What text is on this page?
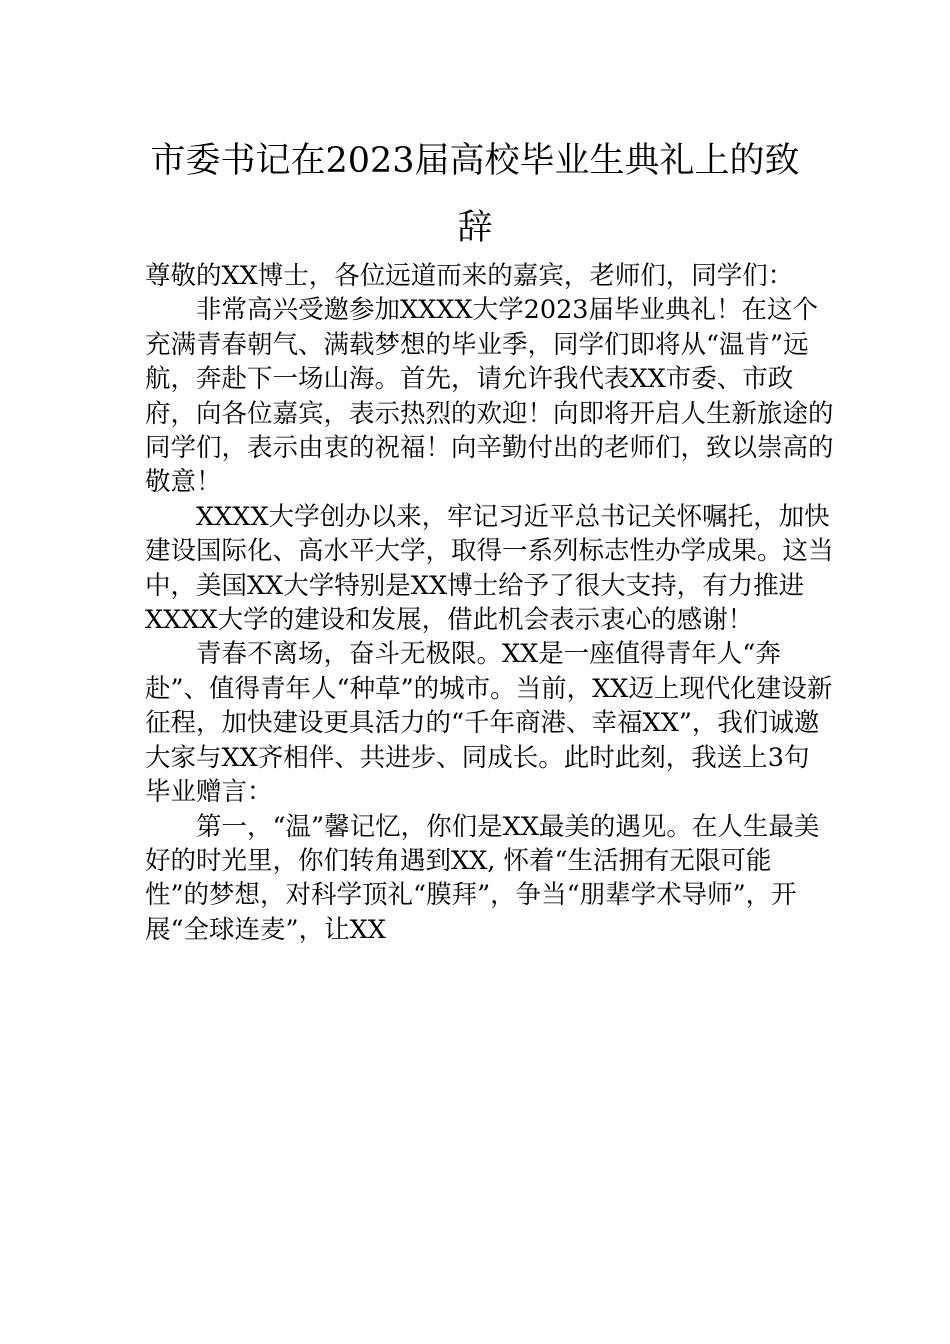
市委书记在2023届高校毕业生典礼上的致
辞

尊敬的XX博士，各位远道而来的嘉宾，老师们，同学们：

非常高兴受邀参加XXXX大学2023届毕业典礼！在这个充满青春朝气、满载梦想的毕业季，同学们即将从“温肯”远航，奔赴下一场山海。首先，请允许我代表XX市委、市政府，向各位嘉宾，表示热烈的欢迎！向即将开启人生新旅途的同学们，表示由衷的祝福！向辛勤付出的老师们，致以崇高的敬意！

XXXX大学创办以来，牢记习近平总书记关怀嘱托，加快建设国际化、高水平大学，取得一系列标志性办学成果。这当中，美国XX大学特别是XX博士给予了很大支持，有力推进XXXX大学的建设和发展，借此机会表示衷心的感谢！

青春不离场，奋斗无极限。XX是一座值得青年人“奔赴”、值得青年人“种草”的城市。当前，XX迈上现代化建设新征程，加快建设更具活力的“千年商港、幸福XX”，我们诚邀大家与XX齐相伴、共进步、同成长。此时此刻，我送上3句毕业赠言：

第一，“温”馨记忆，你们是XX最美的遇见。在人生最美好的时光里，你们转角遇到XX, 怀着“生活拥有无限可能性”的梦想，对科学顶礼“膜拜”，争当“朋辈学术导师”，开展“全球连麦”，让XX
